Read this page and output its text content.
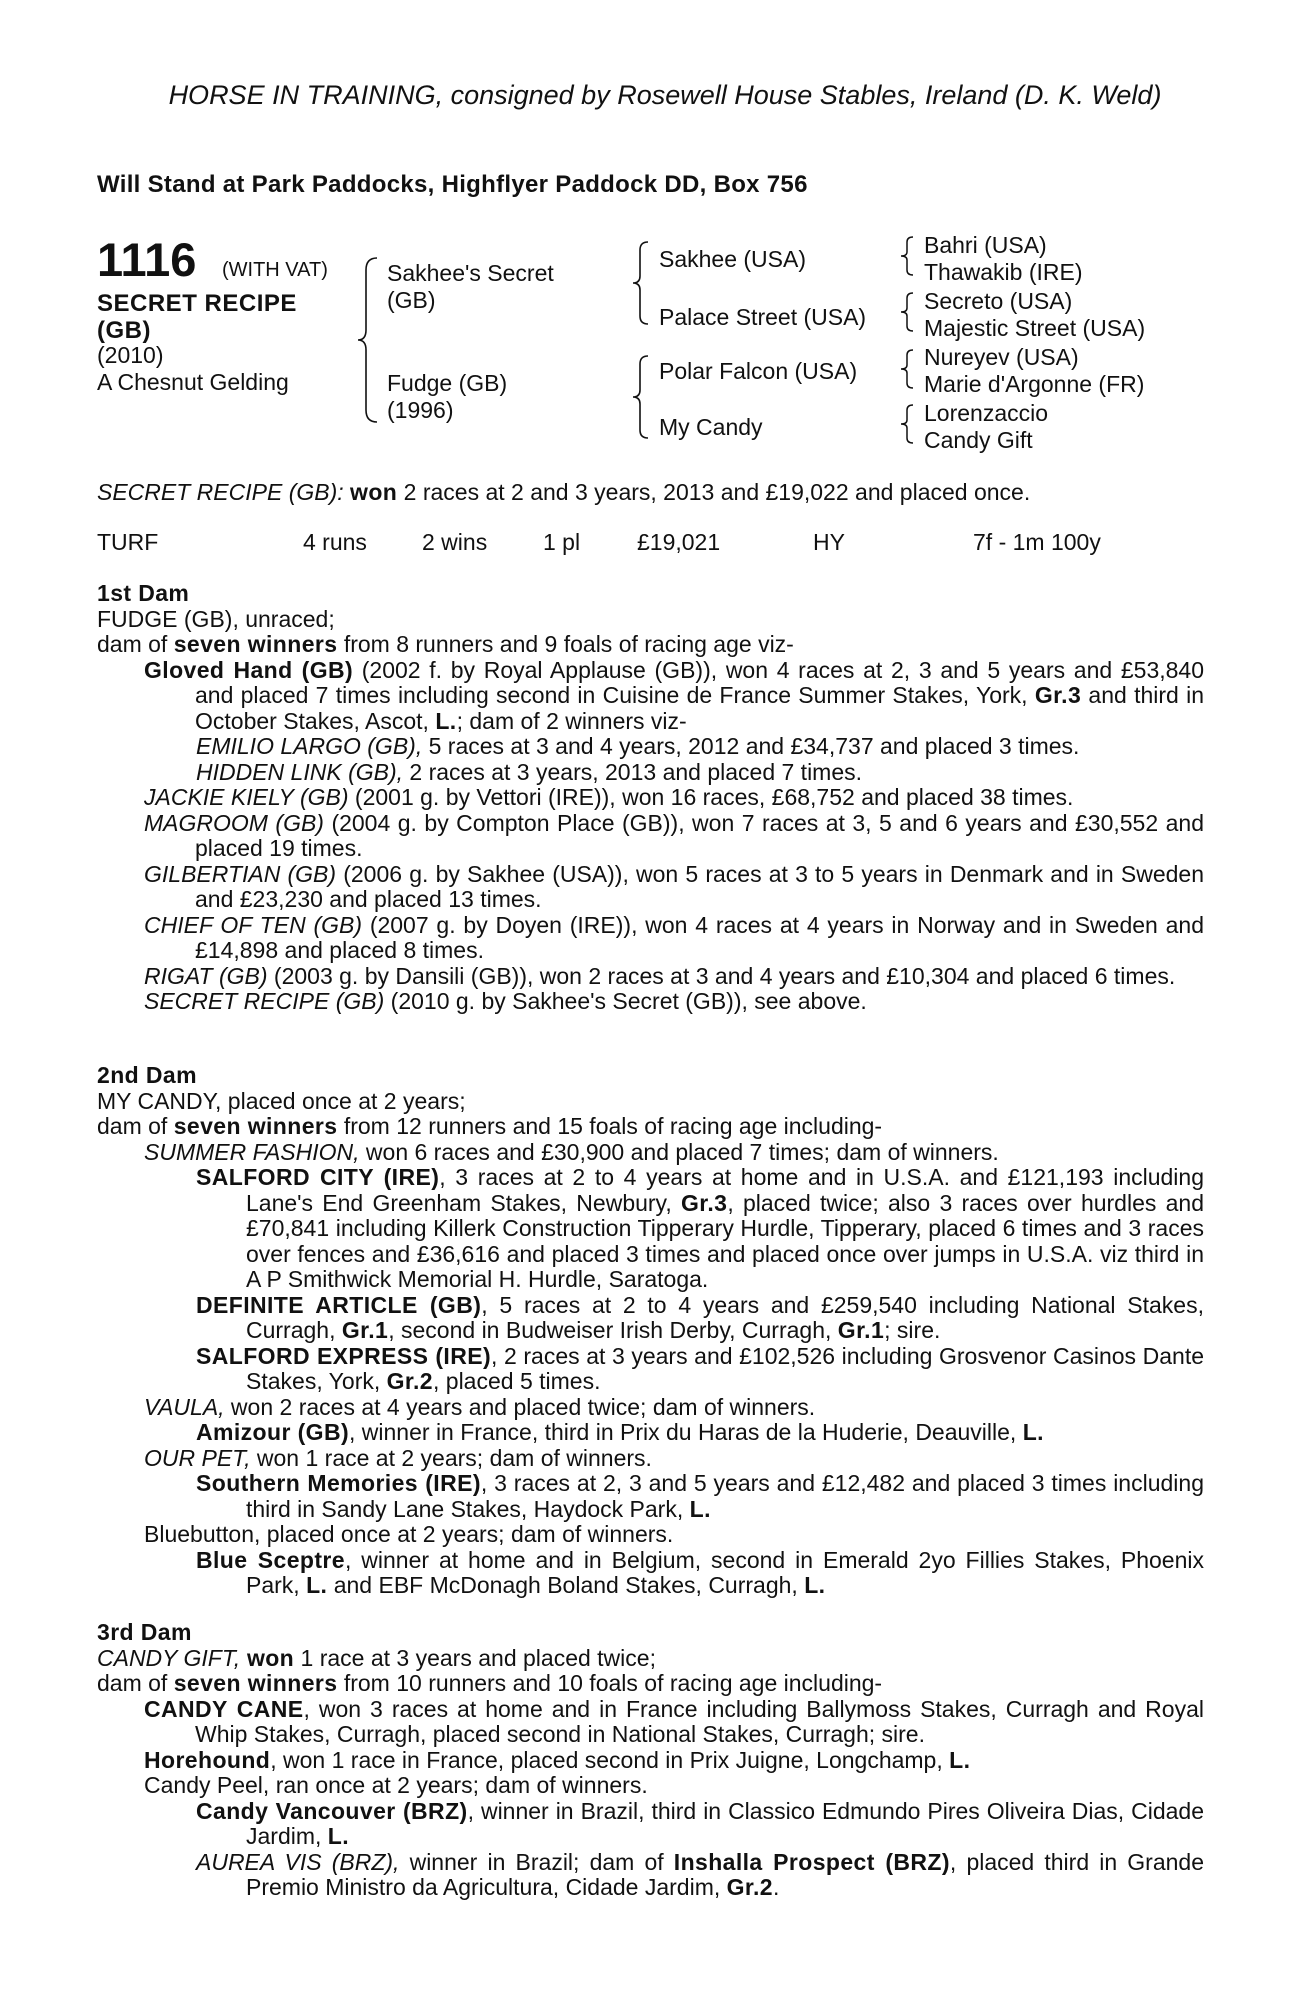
HORSE IN TRAINING, consigned by Rosewell House Stables, Ireland (D. K. Weld)
Will Stand at Park Paddocks, Highflyer Paddock DD, Box 756
1116 (WITH VAT)
SECRET RECIPE
(GB)
(2010)
A Chesnut Gelding
Sakhee's Secret
(GB)
Fudge (GB)
(1996)
Sakhee (USA)
Palace Street (USA)
Polar Falcon (USA)
My Candy
Bahri (USA)
Thawakib (IRE)
Secreto (USA)
Majestic Street (USA)
Nureyev (USA)
Marie d'Argonne (FR)
Lorenzaccio
Candy Gift
SECRET RECIPE (GB): won 2 races at 2 and 3 years, 2013 and £19,022 and placed once.
TURF	4 runs 2 wins 1 pl £19,021	HY	7f - 1m 100y
1st Dam
FUDGE (GB), unraced;
dam of seven winners from 8 runners and 9 foals of racing age viz-
Gloved Hand (GB) (2002 f. by Royal Applause (GB)), won 4 races at 2, 3 and 5 years and £53,840 and placed 7 times including second in Cuisine de France Summer Stakes, York, Gr.3 and third in October Stakes, Ascot, L.; dam of 2 winners viz-
EMILIO LARGO (GB), 5 races at 3 and 4 years, 2012 and £34,737 and placed 3 times.
HIDDEN LINK (GB), 2 races at 3 years, 2013 and placed 7 times.
JACKIE KIELY (GB) (2001 g. by Vettori (IRE)), won 16 races, £68,752 and placed 38 times.
MAGROOM (GB) (2004 g. by Compton Place (GB)), won 7 races at 3, 5 and 6 years and £30,552 and placed 19 times.
GILBERTIAN (GB) (2006 g. by Sakhee (USA)), won 5 races at 3 to 5 years in Denmark and in Sweden and £23,230 and placed 13 times.
CHIEF OF TEN (GB) (2007 g. by Doyen (IRE)), won 4 races at 4 years in Norway and in Sweden and £14,898 and placed 8 times.
RIGAT (GB) (2003 g. by Dansili (GB)), won 2 races at 3 and 4 years and £10,304 and placed 6 times.
SECRET RECIPE (GB) (2010 g. by Sakhee's Secret (GB)), see above.
2nd Dam
MY CANDY, placed once at 2 years;
dam of seven winners from 12 runners and 15 foals of racing age including-
SUMMER FASHION, won 6 races and £30,900 and placed 7 times; dam of winners.
SALFORD CITY (IRE), 3 races at 2 to 4 years at home and in U.S.A. and £121,193 including Lane's End Greenham Stakes, Newbury, Gr.3, placed twice; also 3 races over hurdles and £70,841 including Killerk Construction Tipperary Hurdle, Tipperary, placed 6 times and 3 races over fences and £36,616 and placed 3 times and placed once over jumps in U.S.A. viz third in A P Smithwick Memorial H. Hurdle, Saratoga.
DEFINITE ARTICLE (GB), 5 races at 2 to 4 years and £259,540 including National Stakes, Curragh, Gr.1, second in Budweiser Irish Derby, Curragh, Gr.1; sire.
SALFORD EXPRESS (IRE), 2 races at 3 years and £102,526 including Grosvenor Casinos Dante Stakes, York, Gr.2, placed 5 times.
VAULA, won 2 races at 4 years and placed twice; dam of winners.
Amizour (GB), winner in France, third in Prix du Haras de la Huderie, Deauville, L.
OUR PET, won 1 race at 2 years; dam of winners.
Southern Memories (IRE), 3 races at 2, 3 and 5 years and £12,482 and placed 3 times including third in Sandy Lane Stakes, Haydock Park, L.
Bluebutton, placed once at 2 years; dam of winners.
Blue Sceptre, winner at home and in Belgium, second in Emerald 2yo Fillies Stakes, Phoenix Park, L. and EBF McDonagh Boland Stakes, Curragh, L.
3rd Dam
CANDY GIFT, won 1 race at 3 years and placed twice;
dam of seven winners from 10 runners and 10 foals of racing age including-
CANDY CANE, won 3 races at home and in France including Ballymoss Stakes, Curragh and Royal Whip Stakes, Curragh, placed second in National Stakes, Curragh; sire.
Horehound, won 1 race in France, placed second in Prix Juigne, Longchamp, L.
Candy Peel, ran once at 2 years; dam of winners.
Candy Vancouver (BRZ), winner in Brazil, third in Classico Edmundo Pires Oliveira Dias, Cidade Jardim, L.
AUREA VIS (BRZ), winner in Brazil; dam of Inshalla Prospect (BRZ), placed third in Grande Premio Ministro da Agricultura, Cidade Jardim, Gr.2.
